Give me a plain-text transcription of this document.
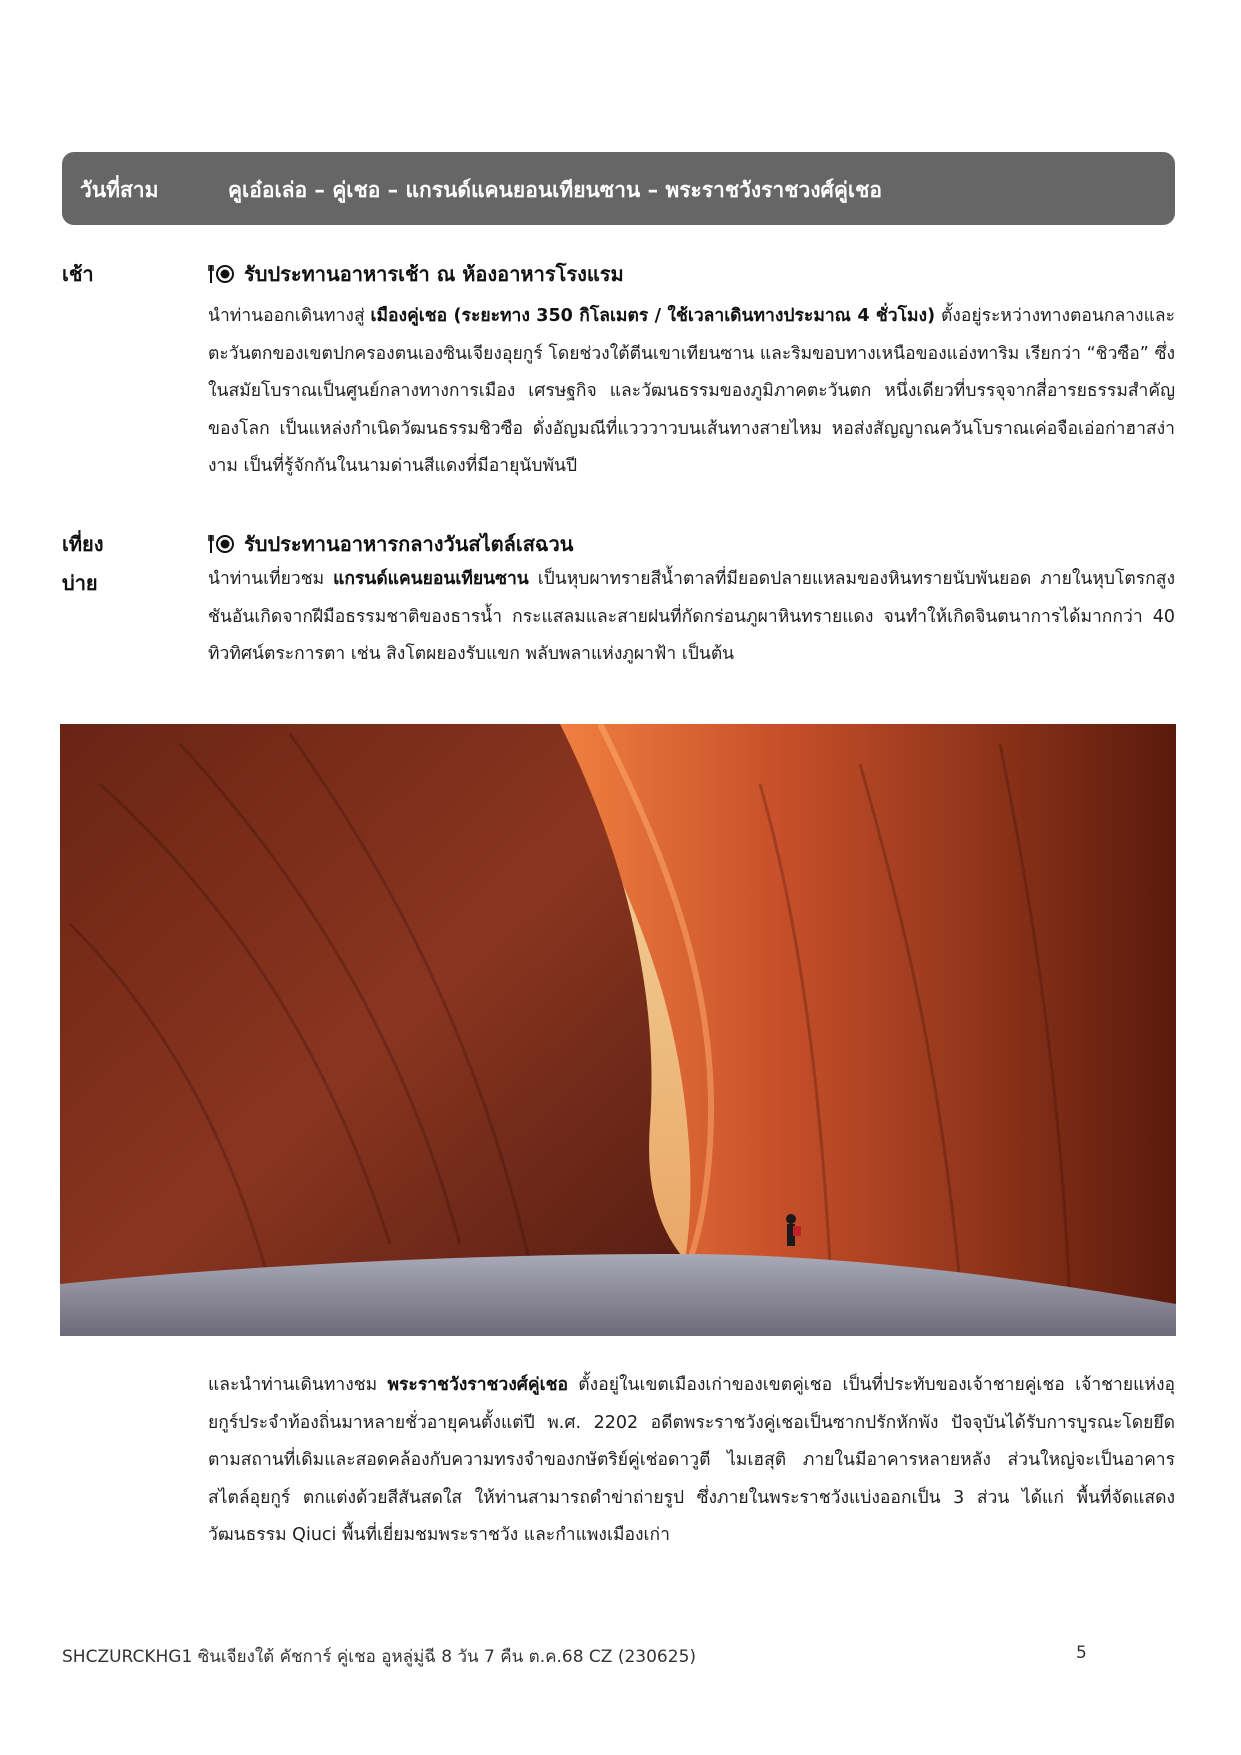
วันที่สาม	คูเอ๋อเล่อ – คู่เชอ – แกรนด์แคนยอนเทียนซาน – พระราชวังราชวงศ์คู่เชอ
เช้า	รับประทานอาหารเช้า ณ ห้องอาหารโรงแรม

นำท่านออกเดินทางสู่ เมืองคู่เชอ (ระยะทาง 350 กิโลเมตร / ใช้เวลาเดินทางประมาณ 4 ชั่วโมง) ตั้งอยู่ระหว่างทางตอนกลางและตะวันตกของเขตปกครองตนเองซินเจียงอุยกูร์ โดยช่วงใต้ตีนเขาเทียนซาน และริมขอบทางเหนือของแอ่งทาริม เรียกว่า “ชิวซือ” ซึ่งในสมัยโบราณเป็นศูนย์กลางทางการเมือง เศรษฐกิจ และวัฒนธรรมของภูมิภาคตะวันตก หนึ่งเดียวที่บรรจุจากสี่อารยธรรมสำคัญของโลก เป็นแหล่งกำเนิดวัฒนธรรมชิวซือ ดั่งอัญมณีที่แวววาวบนเส้นทางสายไหม หอส่งสัญญาณควันโบราณเค่อจือเอ่อก่าฮาสง่างาม เป็นที่รู้จักกันในนามด่านสีแดงที่มีอายุนับพันปี

เที่ยง	รับประทานอาหารกลางวันสไตล์เสฉวน
บ่าย	นำท่านเที่ยวชม แกรนด์แคนยอนเทียนซาน เป็นหุบผาทรายสีน้ำตาลที่มียอดปลายแหลมของหินทรายนับพันยอด ภายในหุบโตรกสูงชันอันเกิดจากฝีมือธรรมชาติของธารน้ำ กระแสลมและสายฝนที่กัดกร่อนภูผาหินทรายแดง จนทำให้เกิดจินตนาการได้มากกว่า 40 ทิวทิศน์ตระการตา เช่น สิงโตผยองรับแขก พลับพลาแห่งภูผาฟ้า เป็นต้น

และนำท่านเดินทางชม พระราชวังราชวงศ์คู่เชอ ตั้งอยู่ในเขตเมืองเก่าของเขตคู่เชอ เป็นที่ประทับของเจ้าชายคู่เชอ เจ้าชายแห่งอุยกูร์ประจำท้องถิ่นมาหลายชั่วอายุคนตั้งแต่ปี พ.ศ. 2202 อดีตพระราชวังคู่เชอเป็นซากปรักหักพัง ปัจจุบันได้รับการบูรณะโดยยึดตามสถานที่เดิมและสอดคล้องกับความทรงจำของกษัตริย์คู่เช่อดาวูตี ไมเฮสุติ ภายในมีอาคารหลายหลัง ส่วนใหญ่จะเป็นอาคารสไตล์อุยกูร์ ตกแต่งด้วยสีสันสดใส ให้ท่านสามารถดำข่าถ่ายรูป ซึ่งภายในพระราชวังแบ่งออกเป็น 3 ส่วน ได้แก่ พื้นที่จัดแสดงวัฒนธรรม Qiuci พื้นที่เยี่ยมชมพระราชวัง และกำแพงเมืองเก่า

SHCZURCKHG1 ซินเจียงใต้ คัชการ์ คู่เชอ อูหลู่มู่ฉี 8 วัน 7 คืน ต.ค.68 CZ (230625)	5
